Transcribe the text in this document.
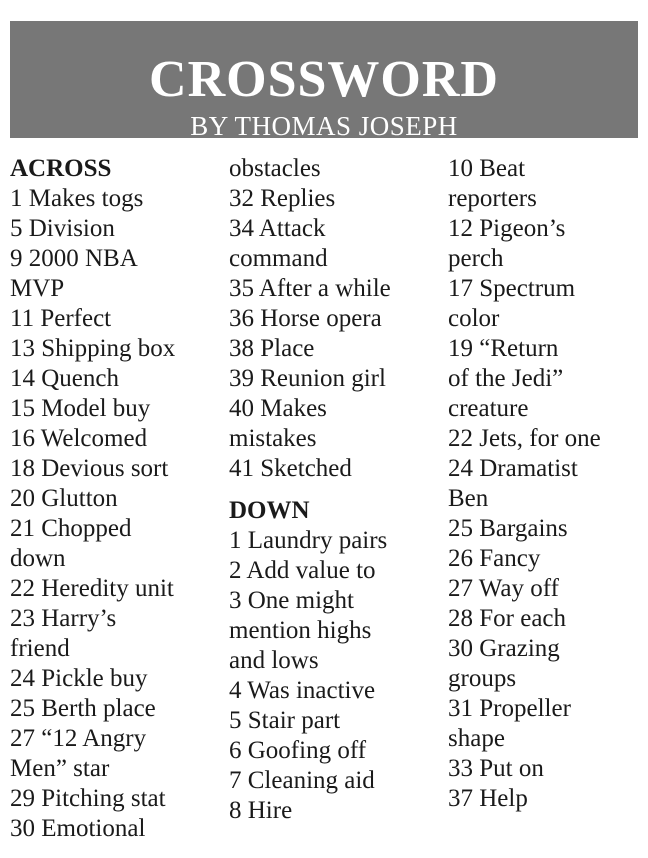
CROSSWORD
BY THOMAS JOSEPH
ACROSS
1 Makes togs
5 Division
9 2000 NBA
MVP
11 Perfect
13 Shipping box
14 Quench
15 Model buy
16 Welcomed
18 Devious sort
20 Glutton
21 Chopped
down
22 Heredity unit
23 Harry’s
friend
24 Pickle buy
25 Berth place
27 “12 Angry
Men” star
29 Pitching stat
30 Emotional
obstacles
32 Replies
34 Attack
command
35 After a while
36 Horse opera
38 Place
39 Reunion girl
40 Makes
mistakes
41 Sketched
DOWN
1 Laundry pairs
2 Add value to
3 One might
mention highs
and lows
4 Was inactive
5 Stair part
6 Goofing off
7 Cleaning aid
8 Hire
10 Beat
reporters
12 Pigeon’s
perch
17 Spectrum
color
19 “Return
of the Jedi”
creature
22 Jets, for one
24 Dramatist
Ben
25 Bargains
26 Fancy
27 Way off
28 For each
30 Grazing
groups
31 Propeller
shape
33 Put on
37 Help
